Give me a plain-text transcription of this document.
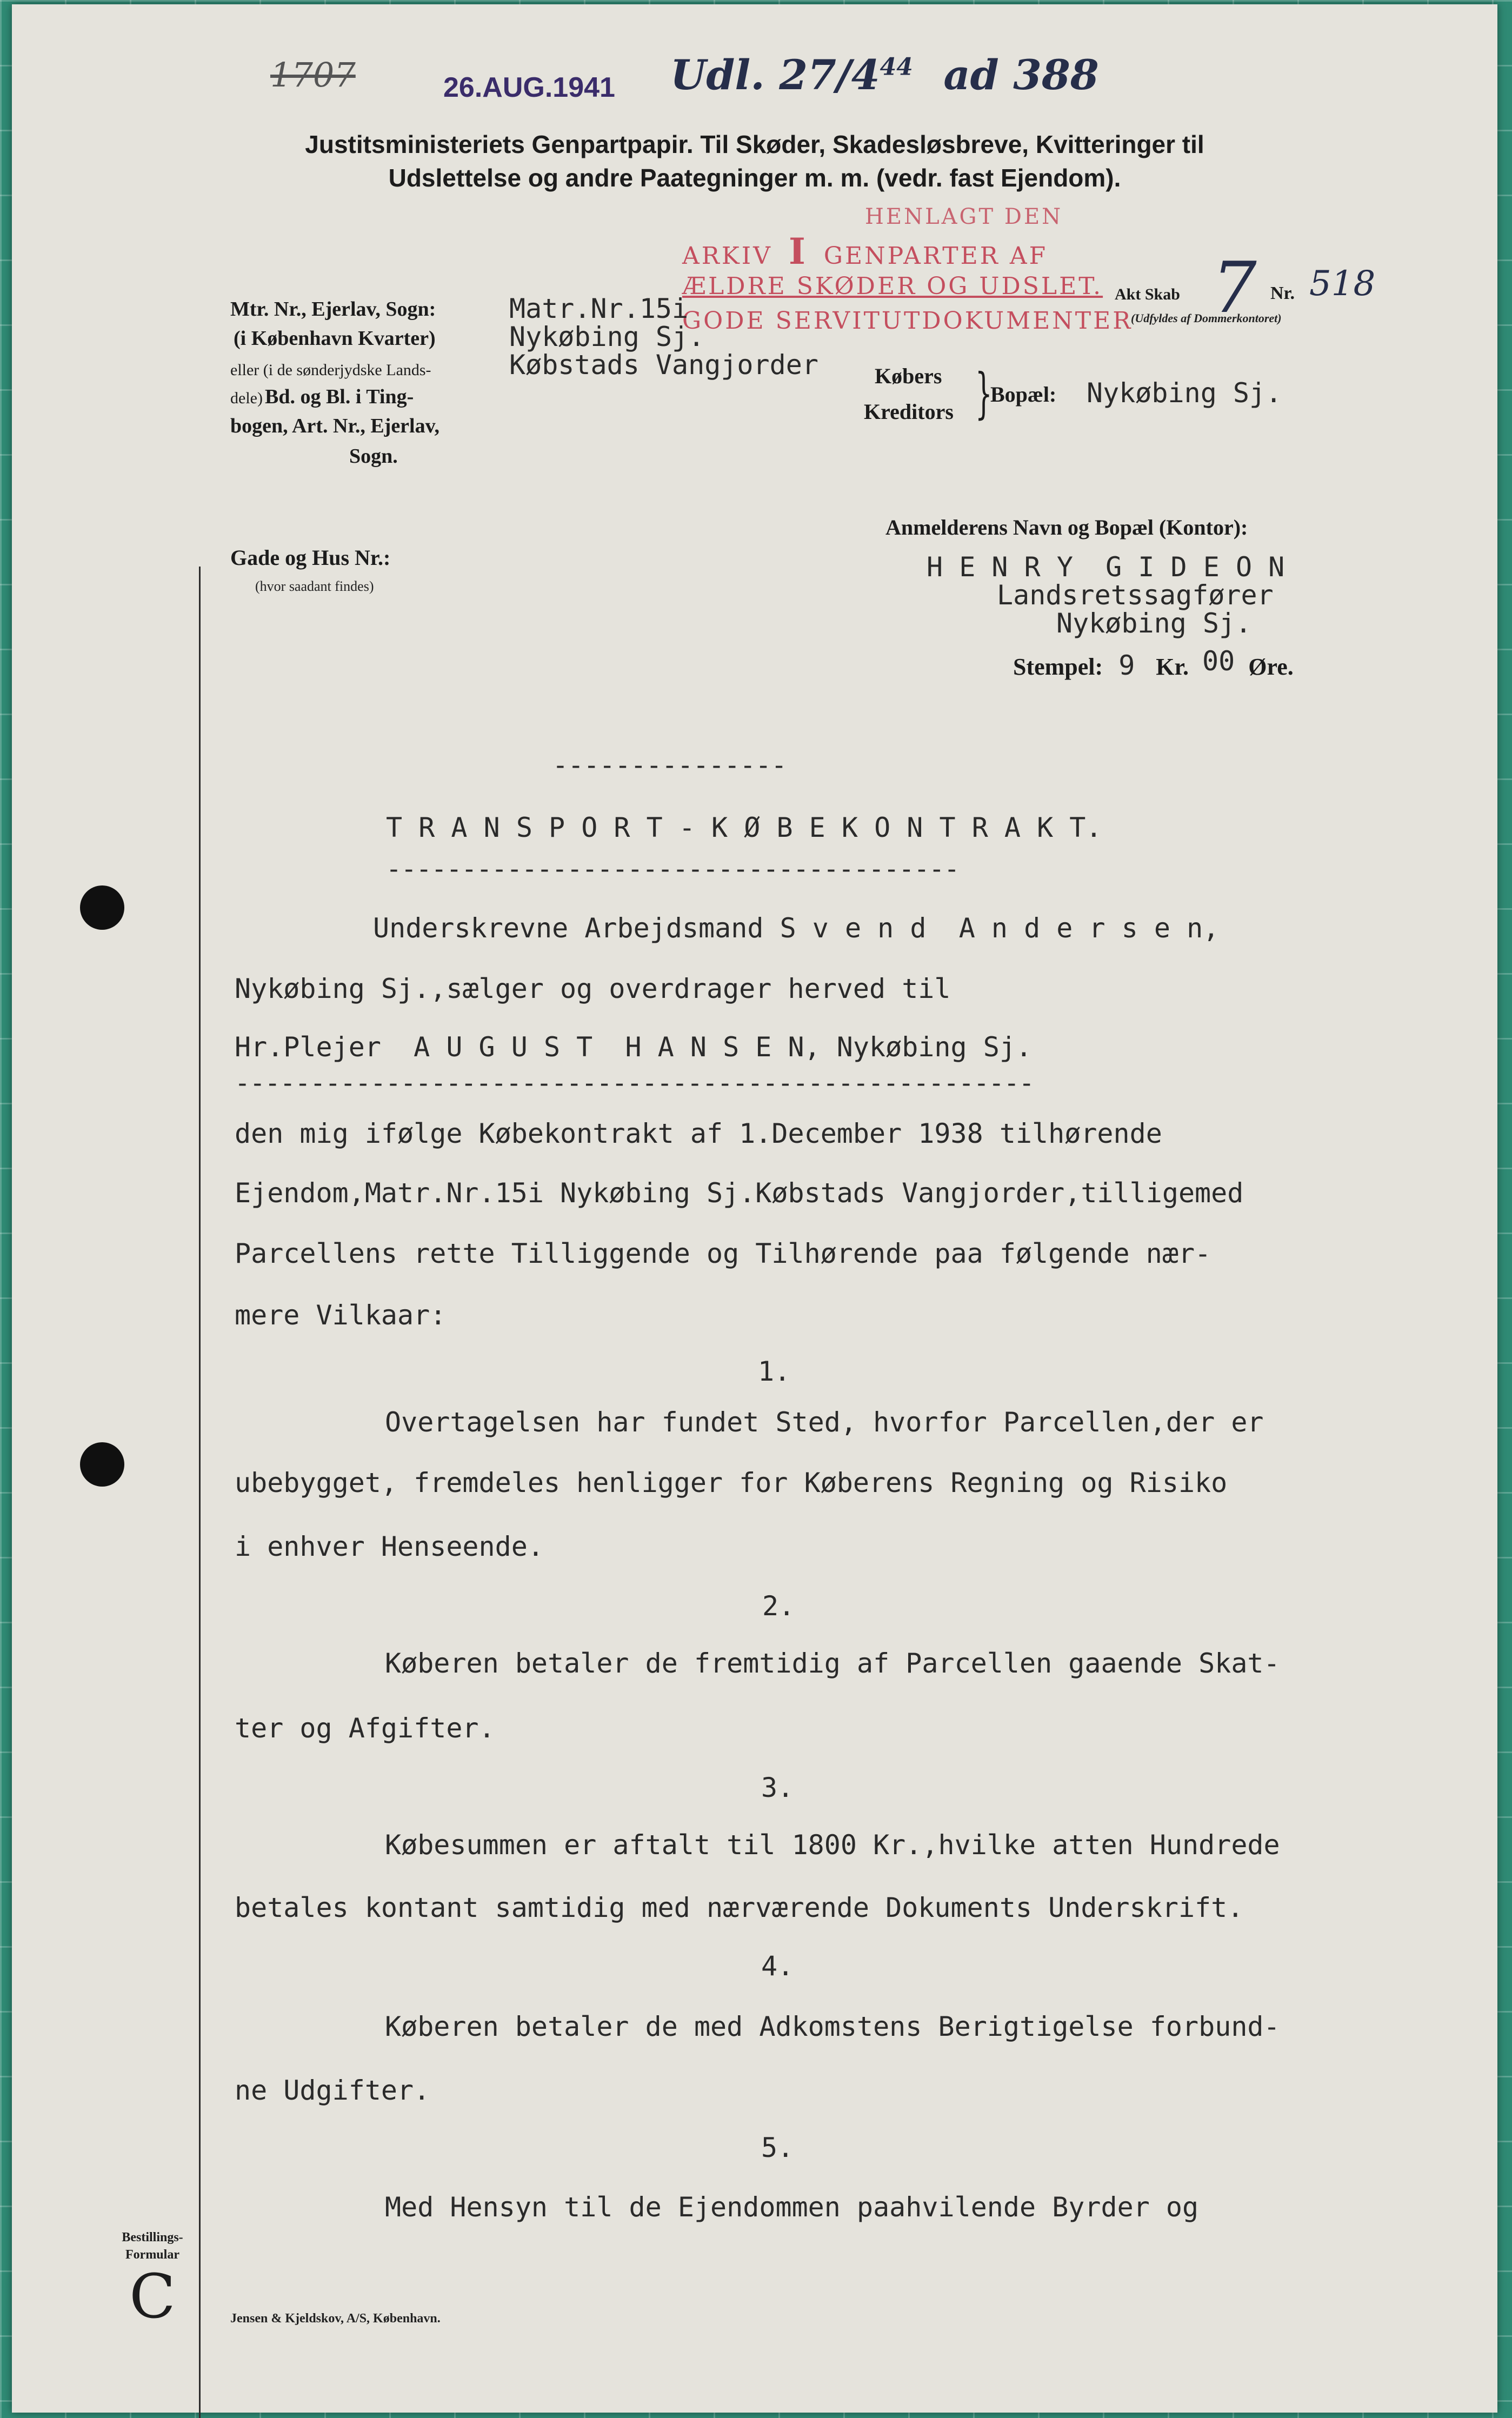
1707	26.AUG.1941 Udl. $27/4^{44}$ ad 388
Justitsministeriets Genpartpapir. Til Skøder, Skadesløsbreve, Kvitteringer til
Udslettelse og andre Paategninger m. m. (vedr. fast Ejendom).
HENLAGT DEN
ARKIV I GENPARTER AF
ÆLDRE SKØDER OG UDSLET.
GODE SERVITUTDOKUMENTER
Akt Skab 7 Nr. 518
(Udfyldes af Dommerkontoret)
Mtr. Nr., Ejerlav, Sogn:
(i København Kvarter)
eller (i de sønderjydske Lands-
dele) Bd. og Bl. i Ting-
bogen, Art. Nr., Ejerlav,
Sogn.
Matr.Nr.15i
Nykøbing Sj.
Købstads Vangjorder	Købers
Kreditors }
Bopæl: Nykøbing Sj.
Gade og Hus Nr.:
(hvor saadant findes)
Anmelderens Navn og Bopæl (Kontor):
H E N R Y  G I D E O N
Landsretssagfører
Nykøbing Sj.
Stempel: 9 Kr. 00 Øre.
---------------
T R A N S P O R T - K Ø B E K O N T R A K T.
--------------------------------------
Underskrevne Arbejdsmand S v e n d  A n d e r s e n,
Nykøbing Sj.,sælger og overdrager herved til
Hr.Plejer  A U G U S T  H A N S E N, Nykøbing Sj.
-----------------------------------------------------
den mig ifølge Købekontrakt af 1.December 1938 tilhørende
Ejendom,Matr.Nr.15i Nykøbing Sj.Købstads Vangjorder,tilligemed
Parcellens rette Tilliggende og Tilhørende paa følgende nær-
mere Vilkaar:
1.
Overtagelsen har fundet Sted, hvorfor Parcellen,der er
ubebygget, fremdeles henligger for Køberens Regning og Risiko
i enhver Henseende.
2.
Køberen betaler de fremtidig af Parcellen gaaende Skat-
ter og Afgifter.
3.
Købesummen er aftalt til 1800 Kr.,hvilke atten Hundrede
betales kontant samtidig med nærværende Dokuments Underskrift.
4.
Køberen betaler de med Adkomstens Berigtigelse forbund-
ne Udgifter.
5.
Med Hensyn til de Ejendommen paahvilende Byrder og
Bestillings-
Formular
C	Jensen & Kjeldskov, A/S, København.
